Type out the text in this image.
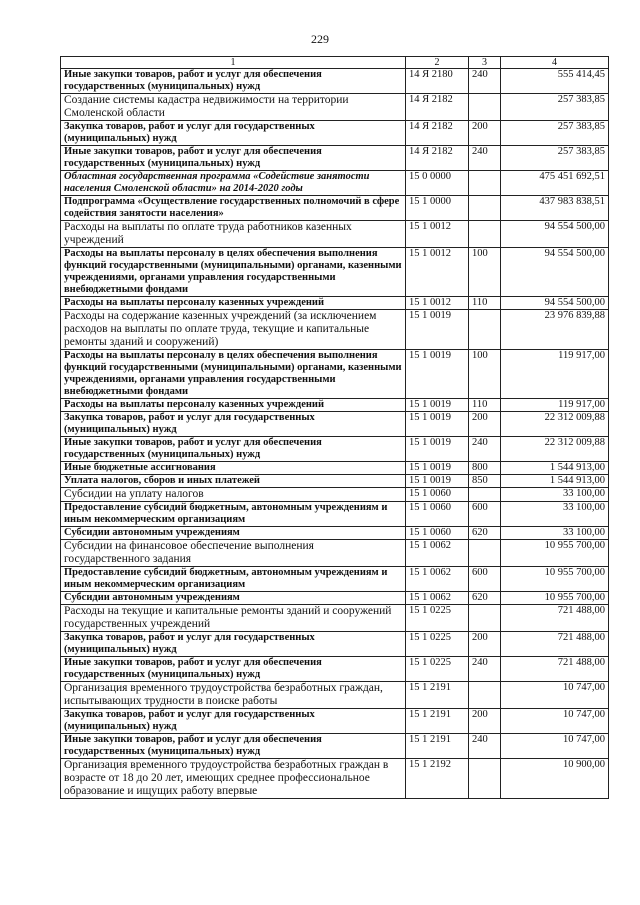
229
1	2	3	4
Иные закупки товаров, работ и услуг для обеспечения государственных (муниципальных) нужд	14 Я 2180	240	555 414,45
Создание системы кадастра недвижимости на территории Смоленской области	14 Я 2182		257 383,85
Закупка товаров, работ и услуг для государственных (муниципальных) нужд	14 Я 2182	200	257 383,85
Иные закупки товаров, работ и услуг для обеспечения государственных (муниципальных) нужд	14 Я 2182	240	257 383,85
Областная государственная программа «Содействие занятости населения Смоленской области» на 2014-2020 годы	15 0 0000		475 451 692,51
Подпрограмма «Осуществление государственных полномочий в сфере содействия занятости населения»	15 1 0000		437 983 838,51
Расходы на выплаты по оплате труда работников казенных учреждений	15 1 0012		94 554 500,00
Расходы на выплаты персоналу в целях обеспечения выполнения функций государственными (муниципальными) органами, казенными учреждениями, органами управления государственными внебюджетными фондами	15 1 0012	100	94 554 500,00
Расходы на выплаты персоналу казенных учреждений	15 1 0012	110	94 554 500,00
Расходы на содержание казенных учреждений (за исключением расходов на выплаты по оплате труда, текущие и капитальные ремонты зданий и сооружений)	15 1 0019		23 976 839,88
Расходы на выплаты персоналу в целях обеспечения выполнения функций государственными (муниципальными) органами, казенными учреждениями, органами управления государственными внебюджетными фондами	15 1 0019	100	119 917,00
Расходы на выплаты персоналу казенных учреждений	15 1 0019	110	119 917,00
Закупка товаров, работ и услуг для государственных (муниципальных) нужд	15 1 0019	200	22 312 009,88
Иные закупки товаров, работ и услуг для обеспечения государственных (муниципальных) нужд	15 1 0019	240	22 312 009,88
Иные бюджетные ассигнования	15 1 0019	800	1 544 913,00
Уплата налогов, сборов и иных платежей	15 1 0019	850	1 544 913,00
Субсидии на уплату налогов	15 1 0060		33 100,00
Предоставление субсидий бюджетным, автономным учреждениям и иным некоммерческим организациям	15 1 0060	600	33 100,00
Субсидии автономным учреждениям	15 1 0060	620	33 100,00
Субсидии на финансовое обеспечение выполнения государственного задания	15 1 0062		10 955 700,00
Предоставление субсидий бюджетным, автономным учреждениям и иным некоммерческим организациям	15 1 0062	600	10 955 700,00
Субсидии автономным учреждениям	15 1 0062	620	10 955 700,00
Расходы на текущие и капитальные ремонты зданий и сооружений государственных учреждений	15 1 0225		721 488,00
Закупка товаров, работ и услуг для государственных (муниципальных) нужд	15 1 0225	200	721 488,00
Иные закупки товаров, работ и услуг для обеспечения государственных (муниципальных) нужд	15 1 0225	240	721 488,00
Организация временного трудоустройства безработных граждан, испытывающих трудности в поиске работы	15 1 2191		10 747,00
Закупка товаров, работ и услуг для государственных (муниципальных) нужд	15 1 2191	200	10 747,00
Иные закупки товаров, работ и услуг для обеспечения государственных (муниципальных) нужд	15 1 2191	240	10 747,00
Организация временного трудоустройства безработных граждан в возрасте от 18 до 20 лет, имеющих среднее профессиональное образование и ищущих работу впервые	15 1 2192		10 900,00
